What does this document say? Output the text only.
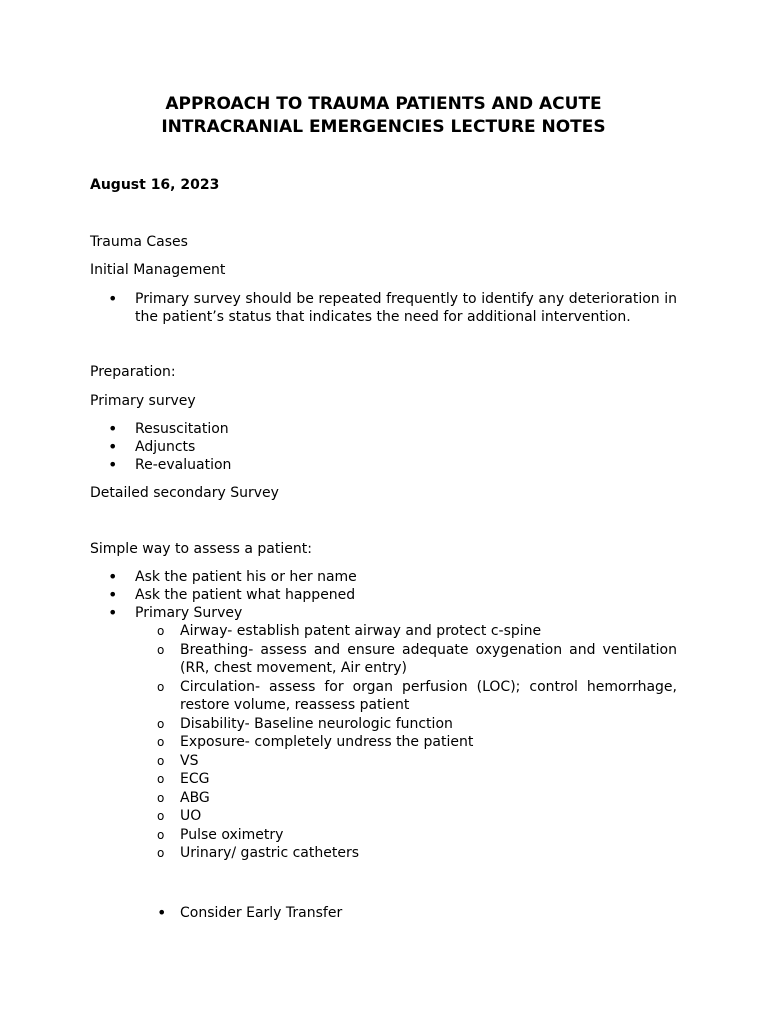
APPROACH TO TRAUMA PATIENTS AND ACUTE
INTRACRANIAL EMERGENCIES LECTURE NOTES
August 16, 2023
Trauma Cases
Initial Management
• Primary survey should be repeated frequently to identify any deterioration in the patient’s status that indicates the need for additional intervention.
Preparation:
Primary survey
• Resuscitation
• Adjuncts
• Re-evaluation
Detailed secondary Survey
Simple way to assess a patient:
• Ask the patient his or her name
• Ask the patient what happened
• Primary Survey
o Airway- establish patent airway and protect c-spine
o Breathing- assess and ensure adequate oxygenation and ventilation (RR, chest movement, Air entry)
o Circulation- assess for organ perfusion (LOC); control hemorrhage, restore volume, reassess patient
o Disability- Baseline neurologic function
o Exposure- completely undress the patient
o VS
o ECG
o ABG
o UO
o Pulse oximetry
o Urinary/ gastric catheters
• Consider Early Transfer
